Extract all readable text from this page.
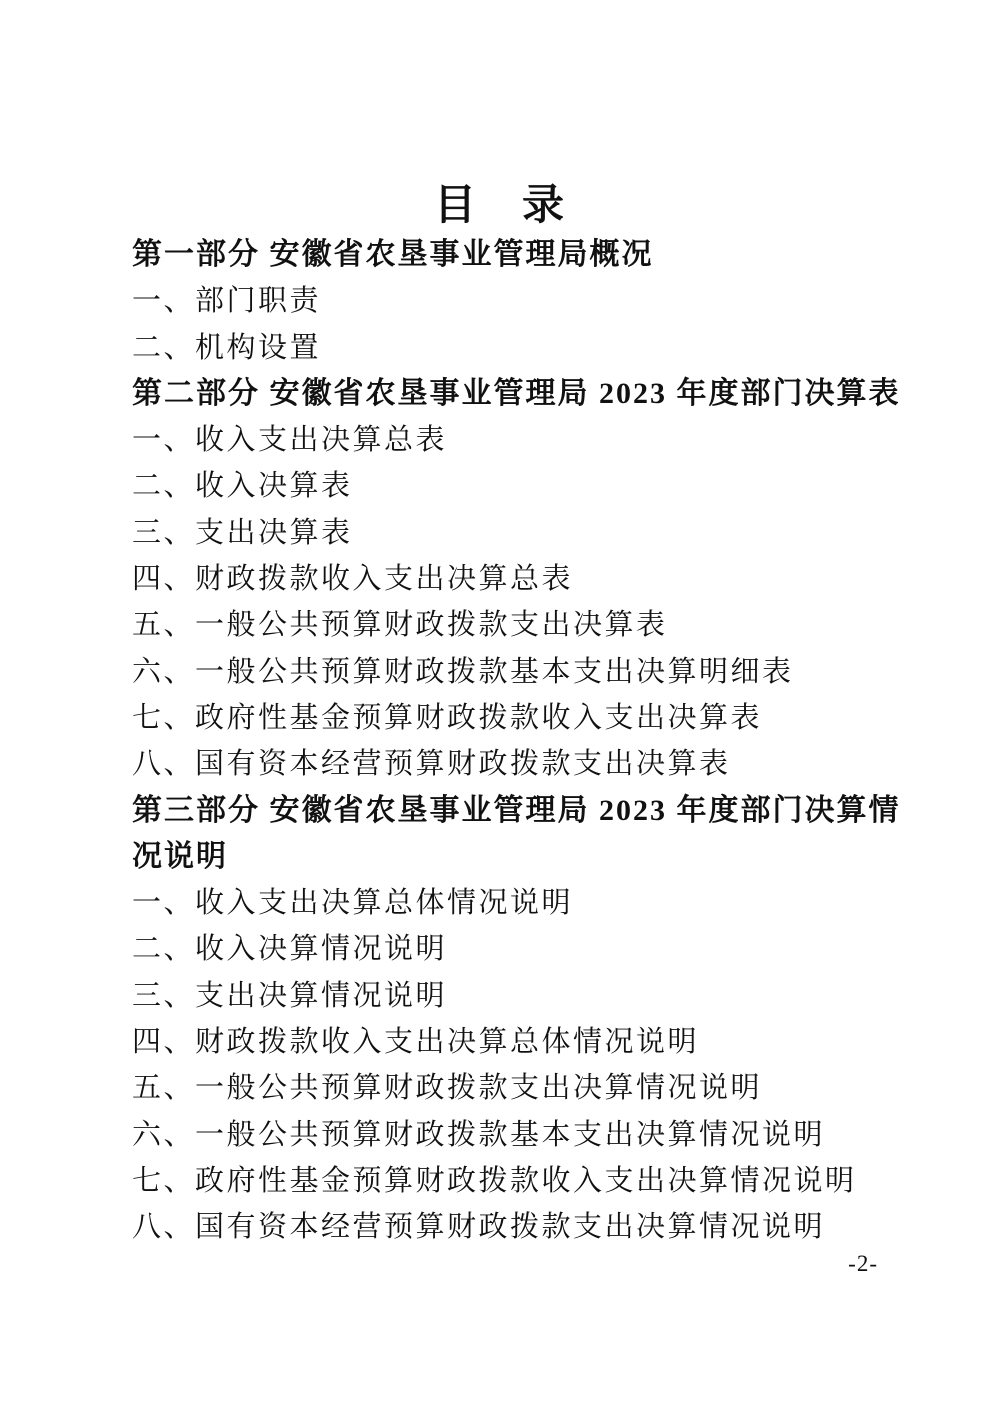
目　录
第一部分 安徽省农垦事业管理局概况
一、部门职责
二、机构设置
第二部分 安徽省农垦事业管理局 2023 年度部门决算表
一、收入支出决算总表
二、收入决算表
三、支出决算表
四、财政拨款收入支出决算总表
五、一般公共预算财政拨款支出决算表
六、一般公共预算财政拨款基本支出决算明细表
七、政府性基金预算财政拨款收入支出决算表
八、国有资本经营预算财政拨款支出决算表
第三部分 安徽省农垦事业管理局 2023 年度部门决算情
况说明
一、收入支出决算总体情况说明
二、收入决算情况说明
三、支出决算情况说明
四、财政拨款收入支出决算总体情况说明
五、一般公共预算财政拨款支出决算情况说明
六、一般公共预算财政拨款基本支出决算情况说明
七、政府性基金预算财政拨款收入支出决算情况说明
八、国有资本经营预算财政拨款支出决算情况说明
-2-
